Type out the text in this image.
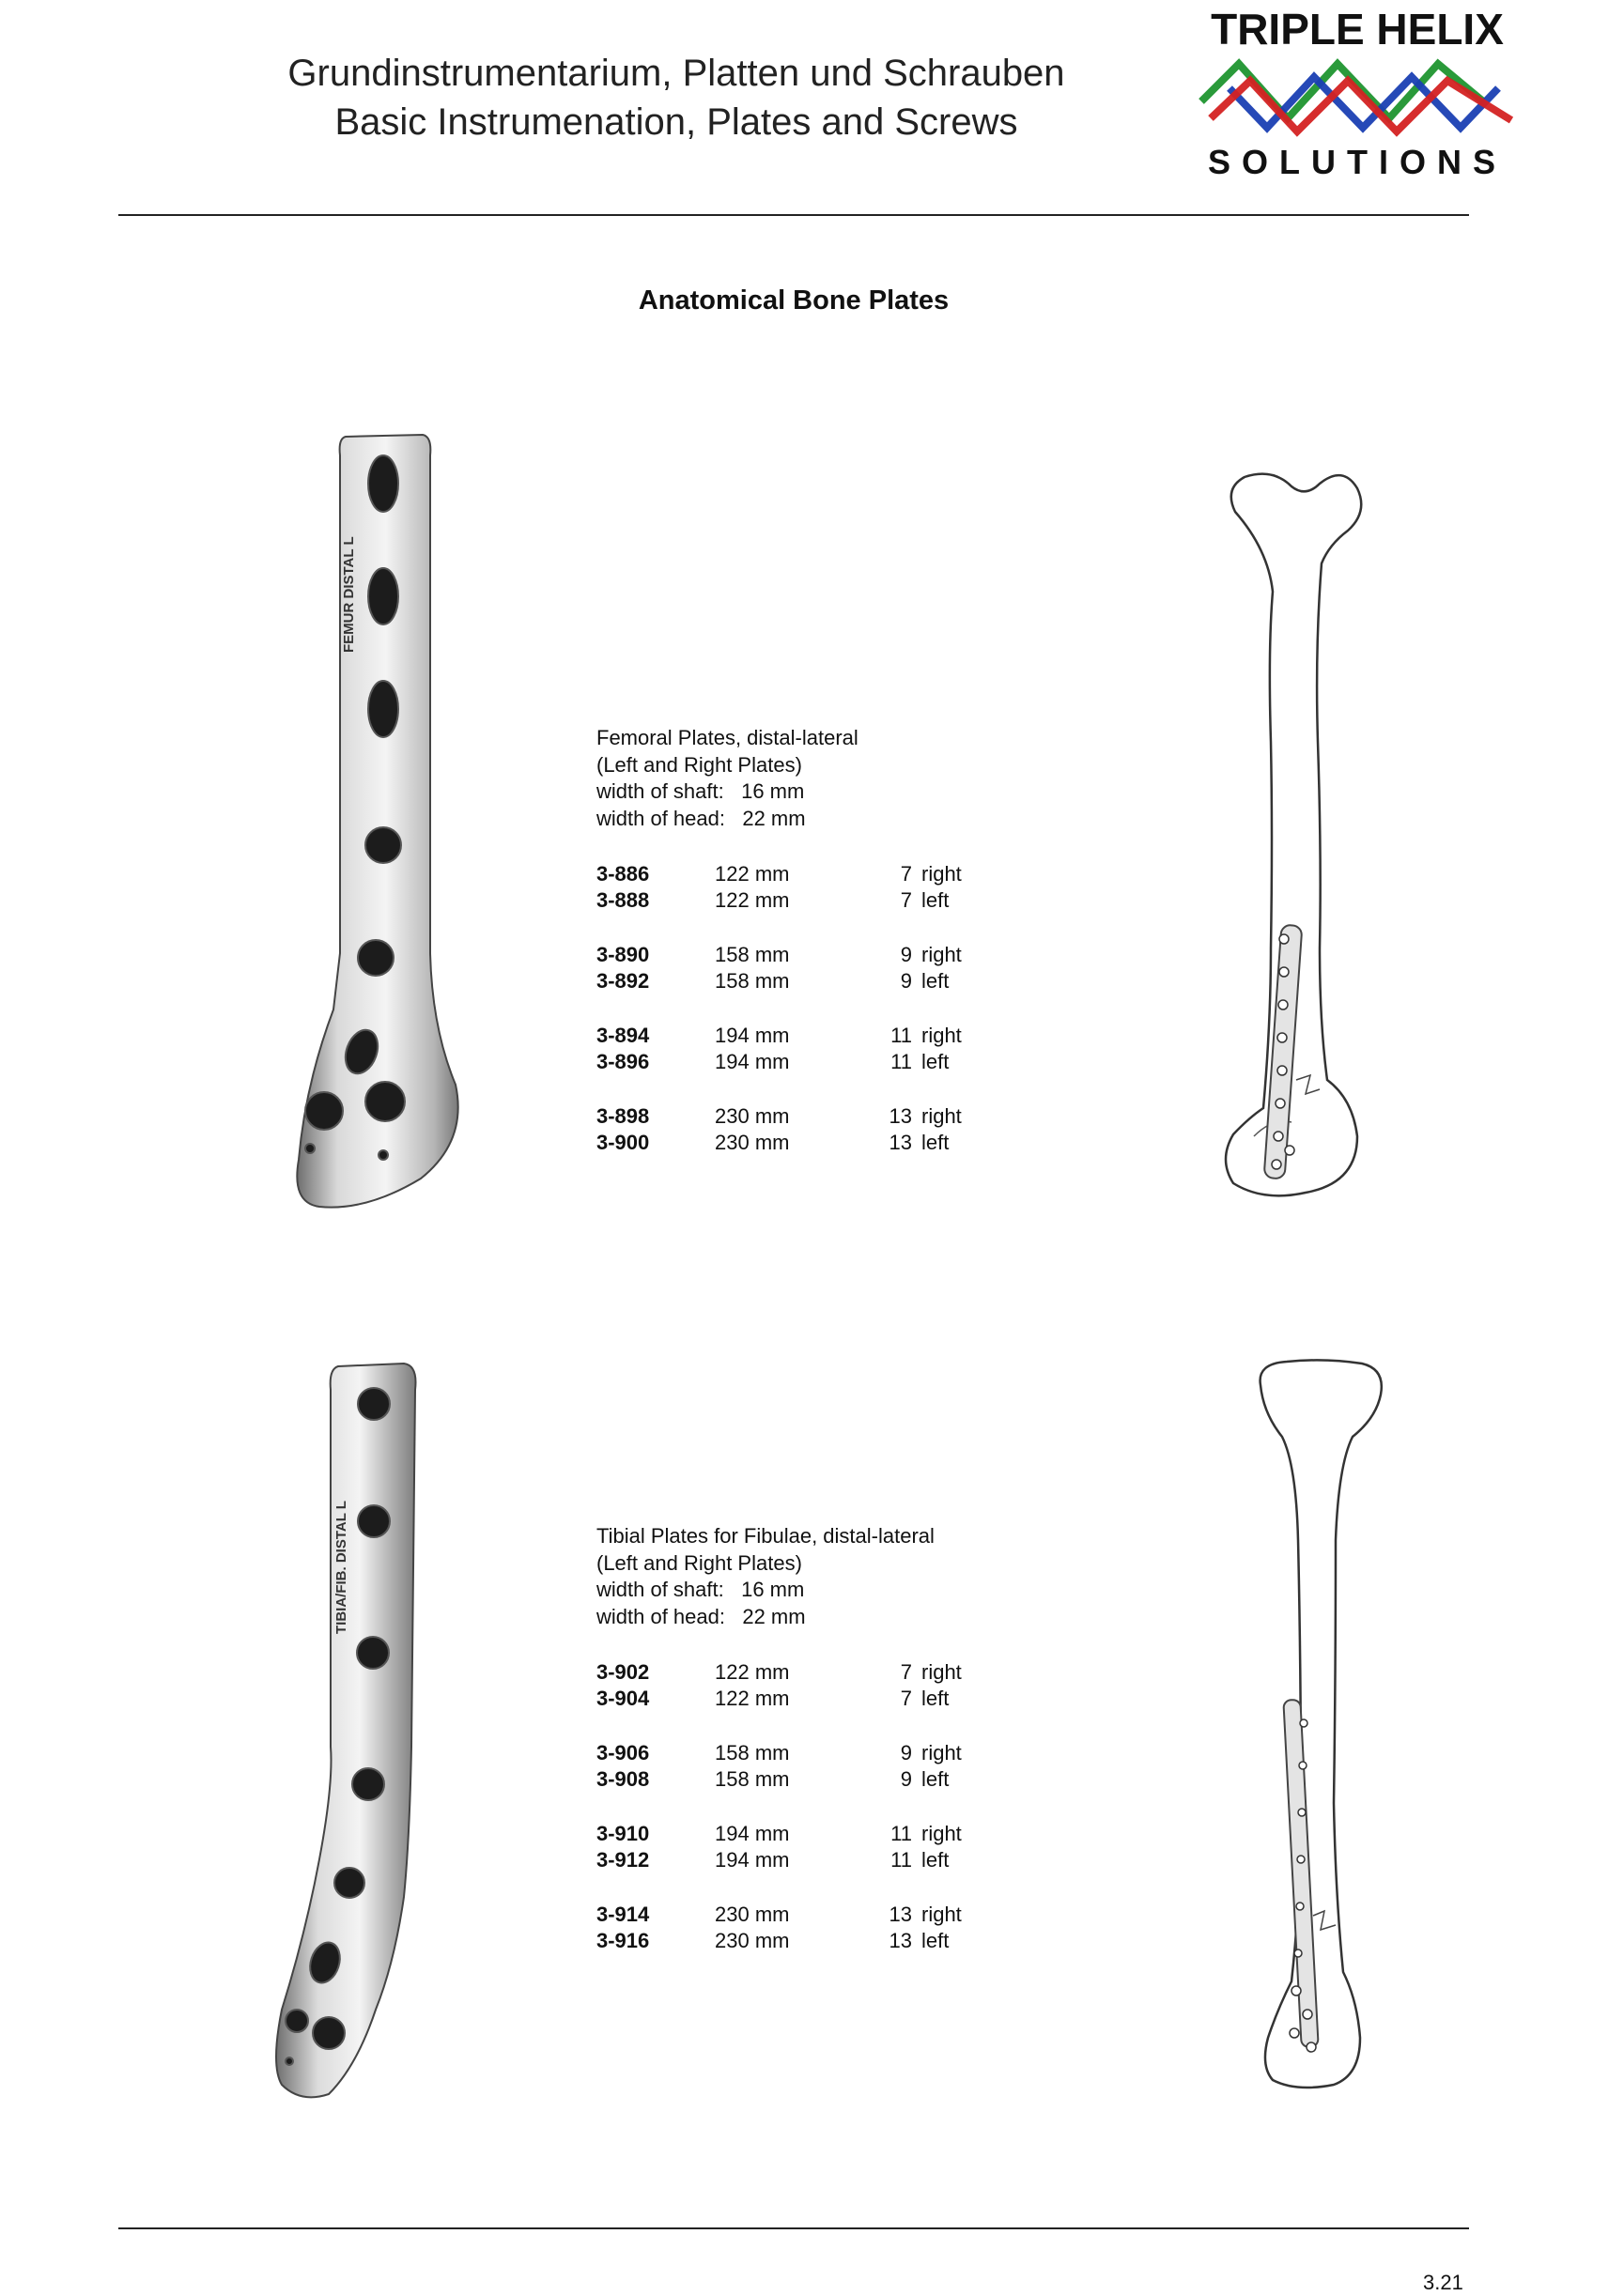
Grundinstrumentarium, Platten und Schrauben
Basic Instrumenation, Plates and Screws
TRIPLE HELIX
SOLUTIONS
Anatomical Bone Plates
FEMUR DISTAL L
Femoral Plates, distal-lateral
(Left and Right Plates)
width of shaft: 16 mm
width of head: 22 mm
3-886	122 mm	7 right
3-888	122 mm	7 left
3-890	158 mm	9 right
3-892	158 mm	9 left
3-894	194 mm	11 right
3-896	194 mm	11 left
3-898	230 mm	13 right
3-900	230 mm	13 left
TIBIA/FIB. DISTAL L	Tibial Plates for Fibulae, distal-lateral
(Left and Right Plates)
width of shaft: 16 mm
width of head: 22 mm
3-902	122 mm	7 right
3-904	122 mm	7 left
3-906	158 mm	9 right
3-908	158 mm	9 left
3-910	194 mm	11 right
3-912	194 mm	11 left
3-914	230 mm	13 right
3-916	230 mm	13 left
3.21
